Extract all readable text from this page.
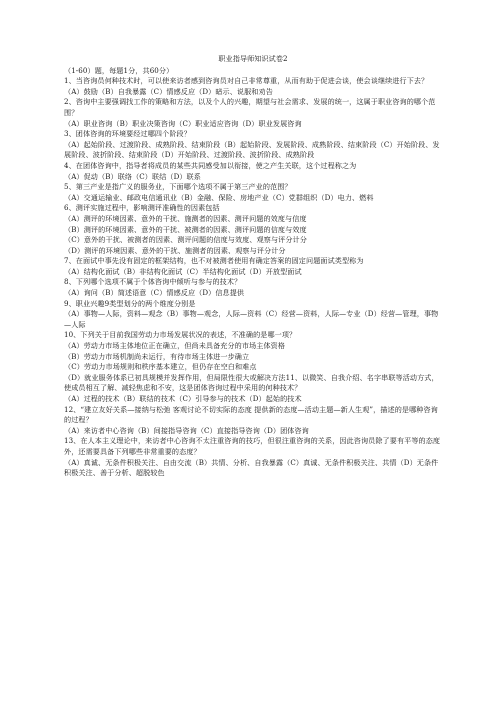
职业指导师知识试卷2
（1-60）题，每题1分，共60分）
1、当咨询员何种技术时，可以使来访者感到咨询员对自己非常尊重，从而有助于促进会谈，使会谈继续进行下去？
（A）鼓励（B）自我暴露（C）情感反应（D）暗示、说服和劝告
2、咨询中主要强调找工作的策略和方法，以及个人的兴趣，期望与社会需求、发展的统一，这属于职业咨询的哪个范围？
（A）职业咨询（B）职业决策咨询（C）职业适应咨询（D）职业发展咨询
3、团体咨询的环境要经过哪四个阶段？
（A）起始阶段、过渡阶段、成熟阶段、结束阶段（B）起始阶段、发展阶段、成熟阶段、结束阶段（C）开始阶段、发展阶段、波折阶段、结束阶段（D）开始阶段、过渡阶段、波折阶段、成熟阶段
4、在团体咨询中，指导者将成员的某些共同感受加以衔接，使之产生关联，这个过程称之为
（A）促动（B）联络（C）联结（D）联系
5、第三产业是指广义的服务业，下面哪个选项不属于第三产业的范围？
（A）交通运输业、邮政电信通讯业（B）金融、保险、房地产业（C）党群组织（D）电力、燃料
6、测评实施过程中，影响测评准确性的因素包括
（A）测评的环境因素、意外的干扰、施测者的因素、测评问题的效度与信度
（B）测评的环境因素、意外的干扰、被测者的因素、测评问题的信度与效度
（C）意外的干扰、被测者的因素、测评问题的信度与效度、观察与评分计分
（D）测评的环境因素、意外的干扰、施测者的因素、观察与评分计分
7、在面试中事先没有固定的框架结构，也不对被测者使用有确定答案的固定问题面试类型称为
（A）结构化面试（B）非结构化面试（C）半结构化面试（D）开放型面试
8、下列哪个选项不属于个体咨询中倾听与参与的技术？
（A）询问（B）简述语意（C）情感反应（D）信息提供
9、职业兴趣9类型划分的两个维度分别是
（A）事物—人际，资料—观念（B）事物—观念，人际—资料（C）经营—资料，人际—专业（D）经营—管理，事物—人际
10、下列关于目前我国劳动力市场发展状况的表述，不准确的是哪一项？
（A）劳动力市场主体地位正在确立，但尚未具备充分的市场主体资格
（B）劳动力市场机制尚未运行，有待市场主体进一步确立
（C）劳动力市场规则和秩序基本建立，但仍存在空白和难点
（D）就业服务体系已初具规模并发挥作用，但局限性很大或解决方法11、以微笑、自我介绍、名字串联等活动方式，使成员相互了解、减轻焦虑和不安，这是团体咨询过程中采用的何种技术？
（A）过程的技术（B）联结的技术（C）引导参与的技术（D）起始的技术
12、“建立友好关系—接纳与松弛 客观讨论不切实际的态度 提供新的态度—活动主题—新人生观”，描述的是哪种咨询的过程？
（A）来访者中心咨询（B）间接指导咨询（C）直接指导咨询（D）团体咨询
13、在人本主义理论中，来访者中心咨询不太注重咨询的技巧，但很注重咨询的关系，因此咨询员除了要有平等的态度外，还需要具备下列哪些非常重要的态度？
（A）真诚、无条件积极关注、自由交流（B）共情、分析、自我暴露（C）真诚、无条件积极关注、共情（D）无条件积极关注、善于分析、超脱较色
